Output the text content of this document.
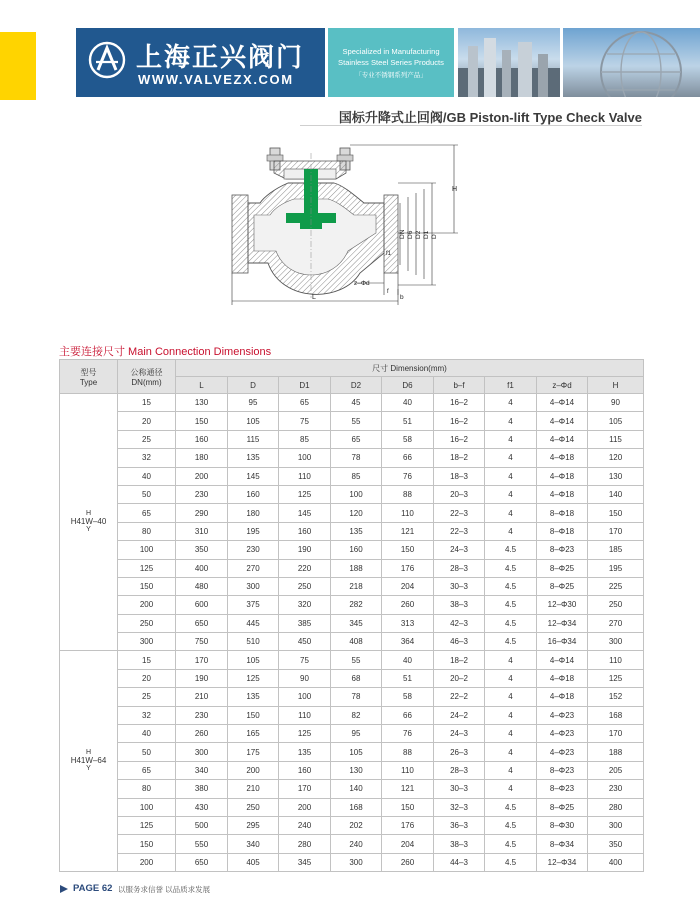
上海正兴阀门
WWW.VALVEZX.COM
Specialized in Manufacturing
Stainless Steel Series Products
「专业不锈钢系列产品」
国标升降式止回阀/GB Piston-lift Type Check Valve
H
DN D6 D2 D1 D
f1
z–Φd
f
b
L
主要连接尺寸 Main Connection Dimensions
型号
Type	公称通径
DN(mm)	尺寸 Dimension(mm)								
		L	D	D1	D2	D6	b–f	f1	z–Φd	H

H
H41W–40
Y	15	130	95	65	45	40	16–2	4	4–Φ14	90
	20	150	105	75	55	51	16–2	4	4–Φ14	105
	25	160	115	85	65	58	16–2	4	4–Φ14	115
	32	180	135	100	78	66	18–2	4	4–Φ18	120
	40	200	145	110	85	76	18–3	4	4–Φ18	130
	50	230	160	125	100	88	20–3	4	4–Φ18	140
	65	290	180	145	120	110	22–3	4	8–Φ18	150
	80	310	195	160	135	121	22–3	4	8–Φ18	170
	100	350	230	190	160	150	24–3	4.5	8–Φ23	185
	125	400	270	220	188	176	28–3	4.5	8–Φ25	195
	150	480	300	250	218	204	30–3	4.5	8–Φ25	225
	200	600	375	320	282	260	38–3	4.5	12–Φ30	250
	250	650	445	385	345	313	42–3	4.5	12–Φ34	270
	300	750	510	450	408	364	46–3	4.5	16–Φ34	300

H
H41W–64
Y	15	170	105	75	55	40	18–2	4	4–Φ14	110
	20	190	125	90	68	51	20–2	4	4–Φ18	125
	25	210	135	100	78	58	22–2	4	4–Φ18	152
	32	230	150	110	82	66	24–2	4	4–Φ23	168
	40	260	165	125	95	76	24–3	4	4–Φ23	170
	50	300	175	135	105	88	26–3	4	4–Φ23	188
	65	340	200	160	130	110	28–3	4	8–Φ23	205
	80	380	210	170	140	121	30–3	4	8–Φ23	230
	100	430	250	200	168	150	32–3	4.5	8–Φ25	280
	125	500	295	240	202	176	36–3	4.5	8–Φ30	300
	150	550	340	280	240	204	38–3	4.5	8–Φ34	350
	200	650	405	345	300	260	44–3	4.5	12–Φ34	400
PAGE 62 以服务求信誉 以品质求发展
